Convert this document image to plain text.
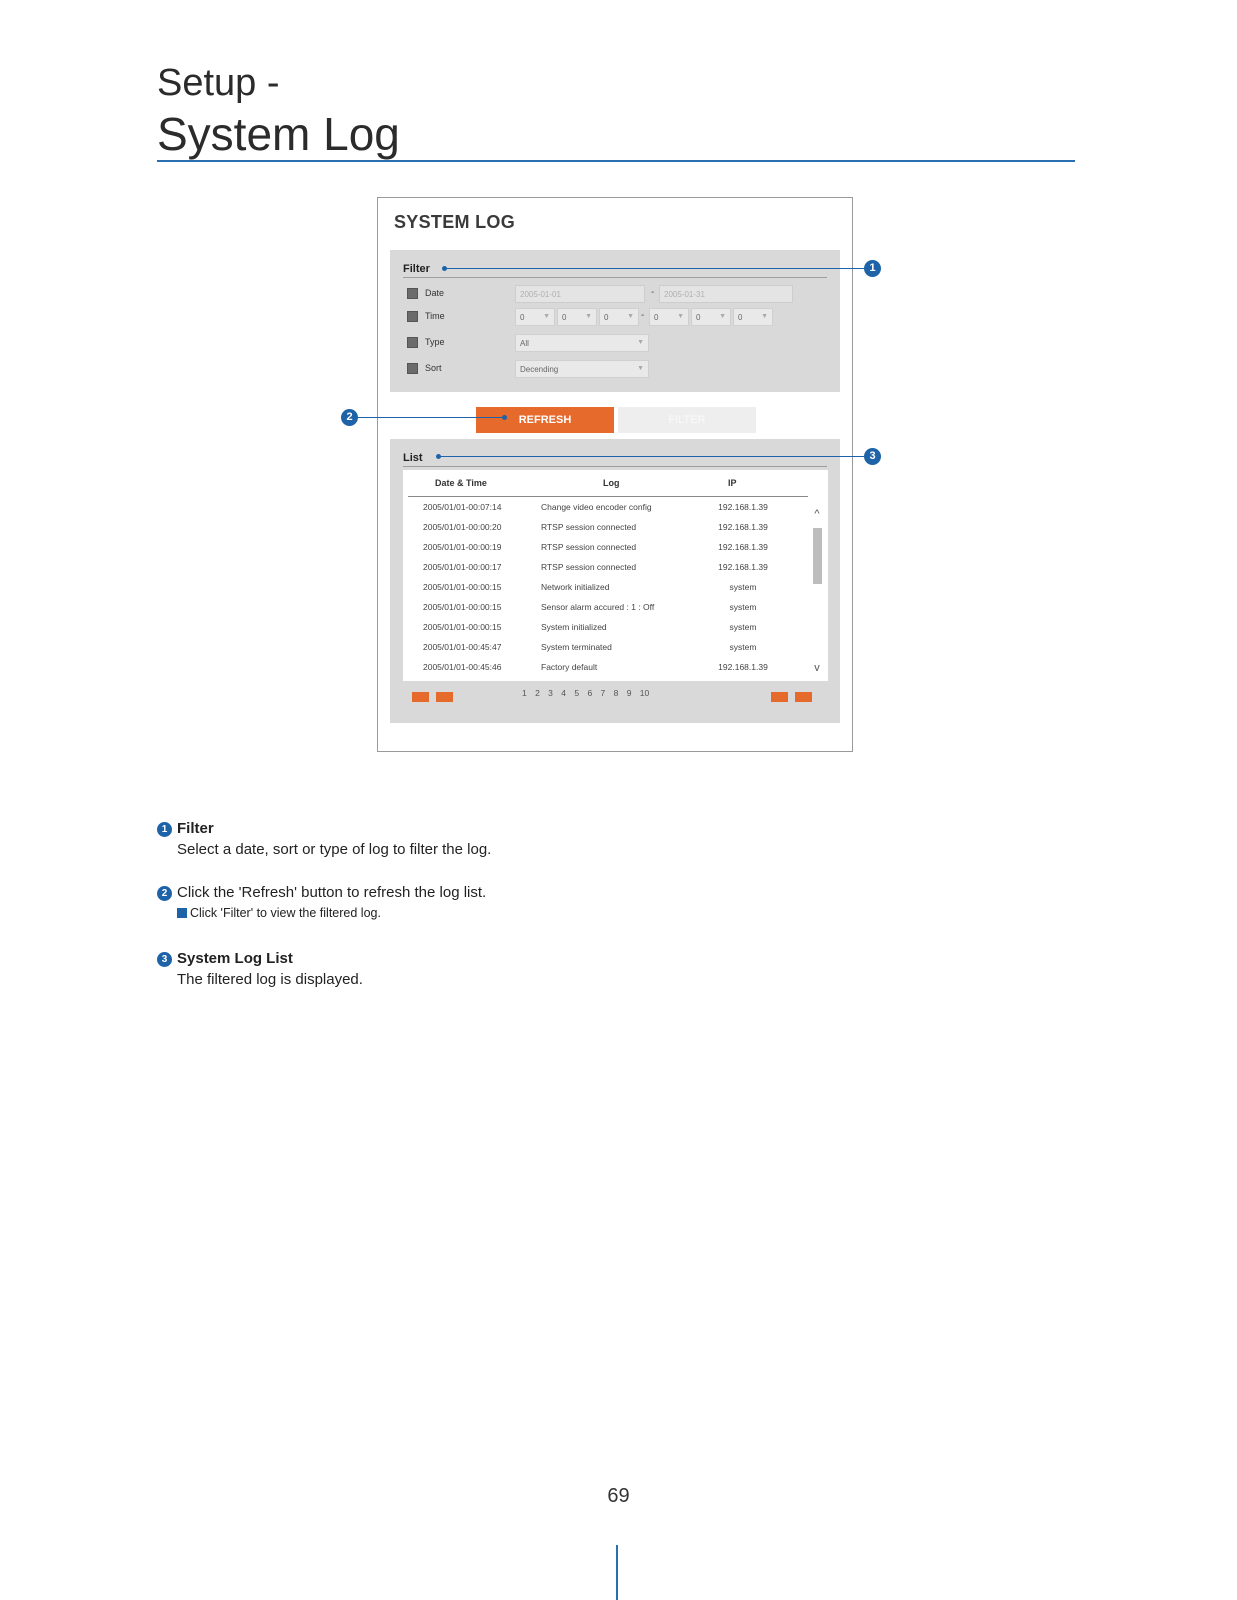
Setup -
System Log
SYSTEM LOG
Filter
Date	2005-01-01	-	2005-01-31
Time	0	▼	0	▼	0	▼ -	0	▼	0	▼	0	▼
Type	All	▼
Sort	Decending	▼
REFRESH	FILTER
List
Date & Time	Log	IP
2005/01/01-00:07:14	Change video encoder config	192.168.1.39
2005/01/01-00:00:20	RTSP session connected	192.168.1.39
2005/01/01-00:00:19	RTSP session connected	192.168.1.39
2005/01/01-00:00:17	RTSP session connected	192.168.1.39
2005/01/01-00:00:15	Network initialized	system
2005/01/01-00:00:15	Sensor alarm accured : 1 : Off	system
2005/01/01-00:00:15	System initialized	system
2005/01/01-00:45:47	System terminated	system
2005/01/01-00:45:46	Factory default	192.168.1.39
^
v
1 2 3 4 5 6 7 8 9 10
1
2
3
1 Filter
Select a date, sort or type of log to filter the log.
2 Click the 'Refresh' button to refresh the log list.
Click 'Filter' to view the filtered log.
3 System Log List
The filtered log is displayed.
69
